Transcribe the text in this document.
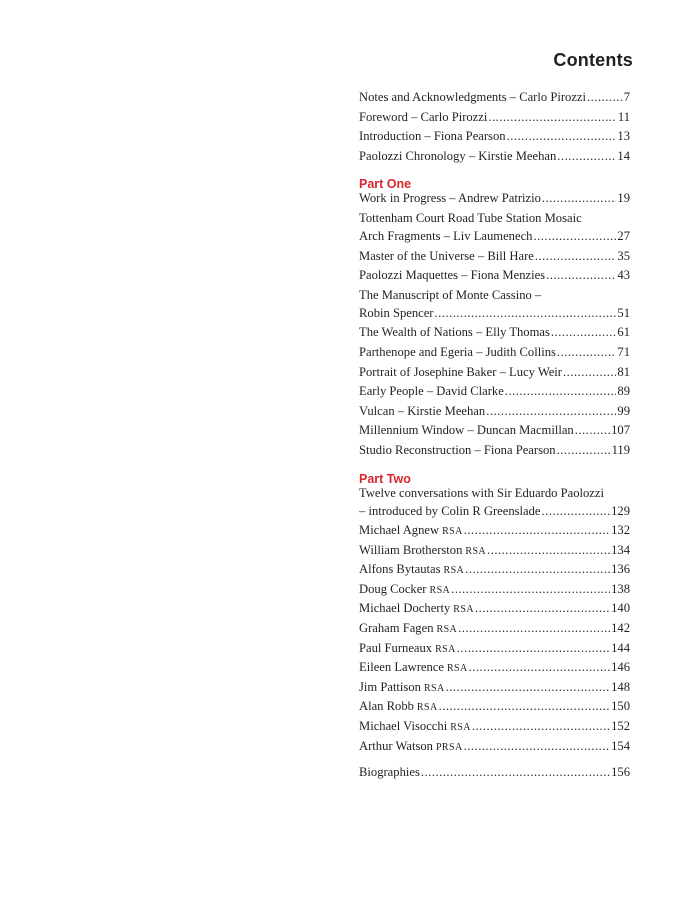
Contents
Notes and Acknowledgments – Carlo Pirozzi .....	7
Foreword – Carlo Pirozzi .....	11
Introduction – Fiona Pearson .....	13
Paolozzi Chronology – Kirstie Meehan .....	14
Part One
Work in Progress – Andrew Patrizio .....	19
Tottenham Court Road Tube Station Mosaic
Arch Fragments – Liv Laumenech .....	27
Master of the Universe – Bill Hare .....	35
Paolozzi Maquettes – Fiona Menzies .....	43
The Manuscript of Monte Cassino –
Robin Spencer .....	51
The Wealth of Nations – Elly Thomas .....	61
Parthenope and Egeria – Judith Collins .....	71
Portrait of Josephine Baker – Lucy Weir .....	81
Early People – David Clarke .....	89
Vulcan – Kirstie Meehan .....	99
Millennium Window – Duncan Macmillan .....	107
Studio Reconstruction – Fiona Pearson .....	119
Part Two
Twelve conversations with Sir Eduardo Paolozzi
– introduced by Colin R Greenslade .....	129
Michael Agnew RSA .....	132
William Brotherston RSA .....	134
Alfons Bytautas RSA .....	136
Doug Cocker RSA .....	138
Michael Docherty RSA .....	140
Graham Fagen RSA .....	142
Paul Furneaux RSA .....	144
Eileen Lawrence RSA .....	146
Jim Pattison RSA .....	148
Alan Robb RSA .....	150
Michael Visocchi RSA .....	152
Arthur Watson PRSA .....	154
Biographies .....	156
